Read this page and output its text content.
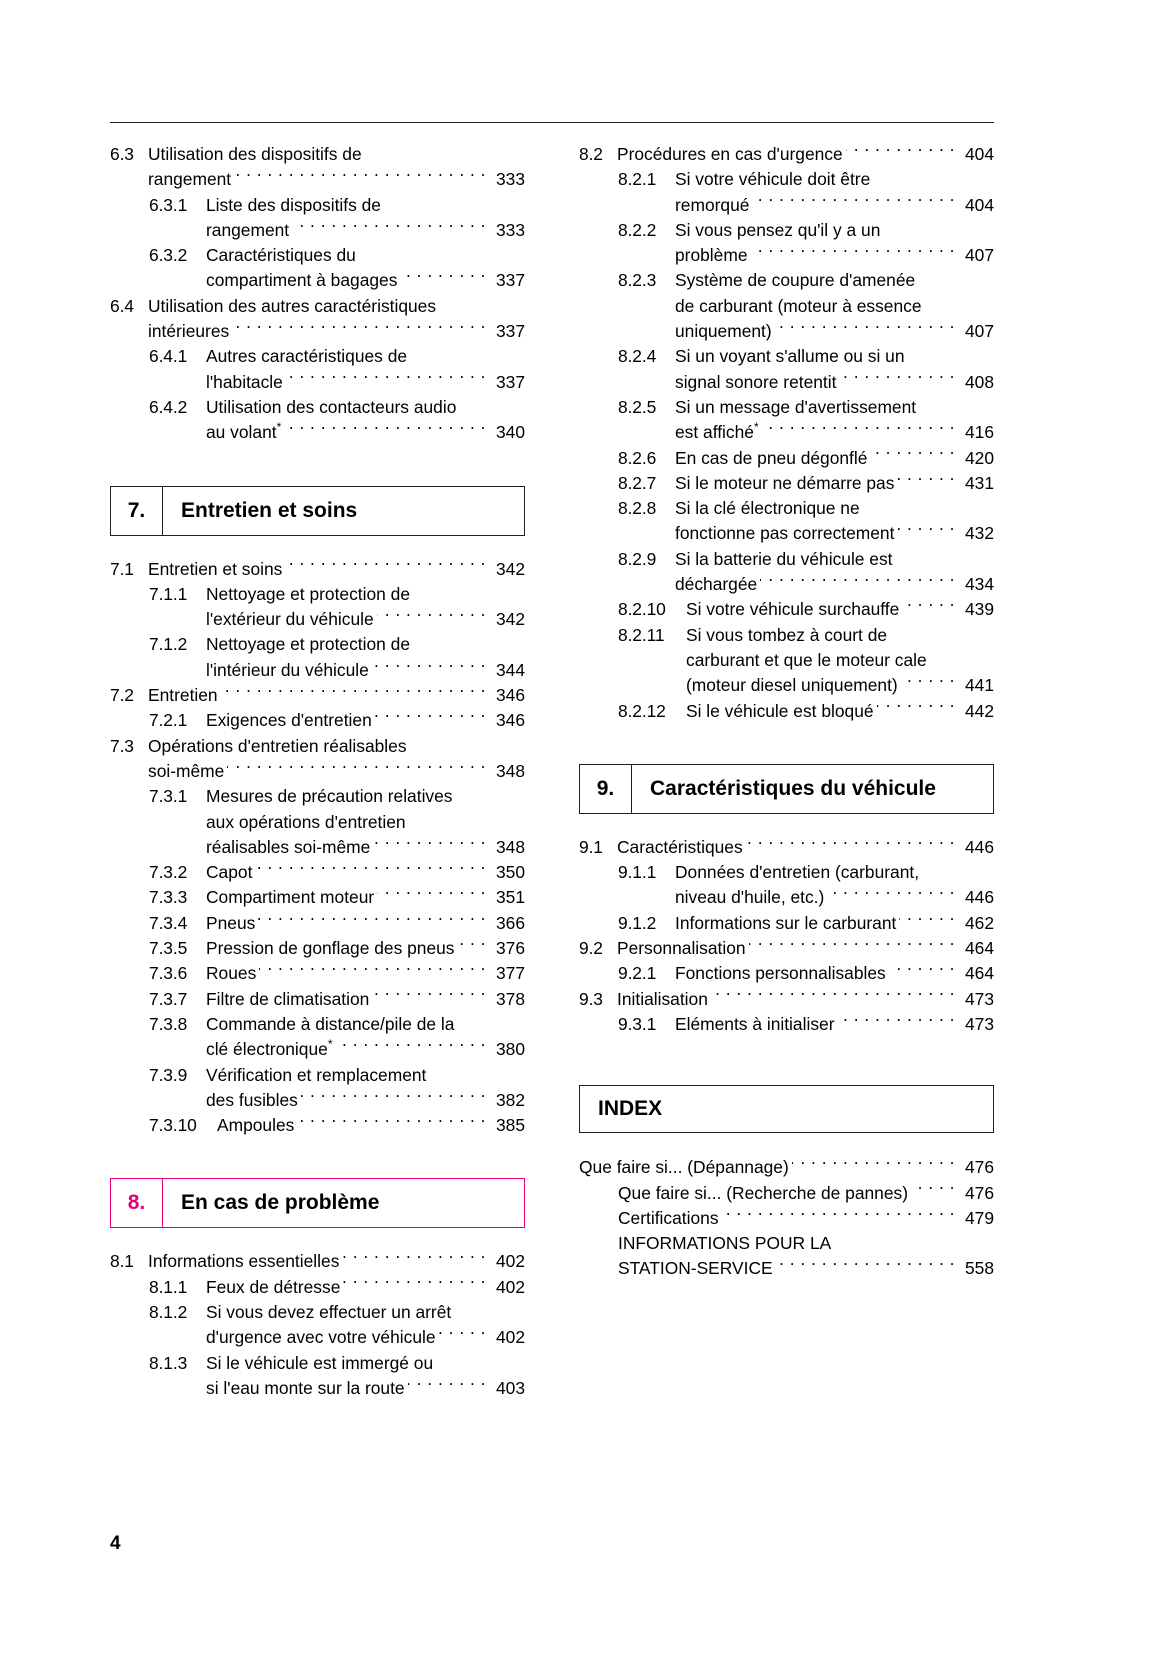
6.3 Utilisation des dispositifs de
rangement . . .	333
6.3.1	Liste des dispositifs de
rangement . . .	333
6.3.2	Caractéristiques du
compartiment à bagages . . .	337
6.4 Utilisation des autres caractéristiques
intérieures . . .	337
6.4.1	Autres caractéristiques de
l'habitacle . . .	337
6.4.2	Utilisation des contacteurs audio
au volant* . . .	340
7.	Entretien et soins
7.1 Entretien et soins . . .	342
7.1.1	Nettoyage et protection de
l'extérieur du véhicule . . .	342
7.1.2	Nettoyage et protection de
l'intérieur du véhicule . . .	344
7.2 Entretien . . .	346
7.2.1	Exigences d'entretien . . .	346
7.3 Opérations d'entretien réalisables
soi-même . . .	348
7.3.1	Mesures de précaution relatives
aux opérations d'entretien
réalisables soi-même . . .	348
7.3.2	Capot . . .	350
7.3.3	Compartiment moteur . . .	351
7.3.4	Pneus . . .	366
7.3.5	Pression de gonflage des pneus . . .	376
7.3.6	Roues . . .	377
7.3.7	Filtre de climatisation . . .	378
7.3.8	Commande à distance/pile de la
clé électronique* . . .	380
7.3.9	Vérification et remplacement
des fusibles . . .	382
7.3.10	Ampoules . . .	385
8.	En cas de problème
8.1 Informations essentielles . . .	402
8.1.1	Feux de détresse . . .	402
8.1.2	Si vous devez effectuer un arrêt
d'urgence avec votre véhicule . . .	402
8.1.3	Si le véhicule est immergé ou
si l'eau monte sur la route . . .	403
8.2 Procédures en cas d'urgence . . .	404
8.2.1	Si votre véhicule doit être
remorqué . . .	404
8.2.2	Si vous pensez qu'il y a un
problème . . .	407
8.2.3	Système de coupure d'amenée
de carburant (moteur à essence
uniquement) . . .	407
8.2.4	Si un voyant s'allume ou si un
signal sonore retentit . . .	408
8.2.5	Si un message d'avertissement
est affiché* . . .	416
8.2.6	En cas de pneu dégonflé . . .	420
8.2.7	Si le moteur ne démarre pas . . .	431
8.2.8	Si la clé électronique ne
fonctionne pas correctement . . .	432
8.2.9	Si la batterie du véhicule est
déchargée . . .	434
8.2.10	Si votre véhicule surchauffe . . .	439
8.2.11	Si vous tombez à court de
carburant et que le moteur cale
(moteur diesel uniquement) . . .	441
8.2.12	Si le véhicule est bloqué . . .	442
9.	Caractéristiques du véhicule
9.1 Caractéristiques . . .	446
9.1.1	Données d'entretien (carburant,
niveau d'huile, etc.) . . .	446
9.1.2	Informations sur le carburant . . .	462
9.2 Personnalisation . . .	464
9.2.1	Fonctions personnalisables . . .	464
9.3 Initialisation . . .	473
9.3.1	Eléments à initialiser . . .	473
INDEX
Que faire si... (Dépannage) . . .	476
Que faire si... (Recherche de pannes) . . .	476
Certifications . . .	479
INFORMATIONS POUR LA
STATION-SERVICE . . .	558
4
